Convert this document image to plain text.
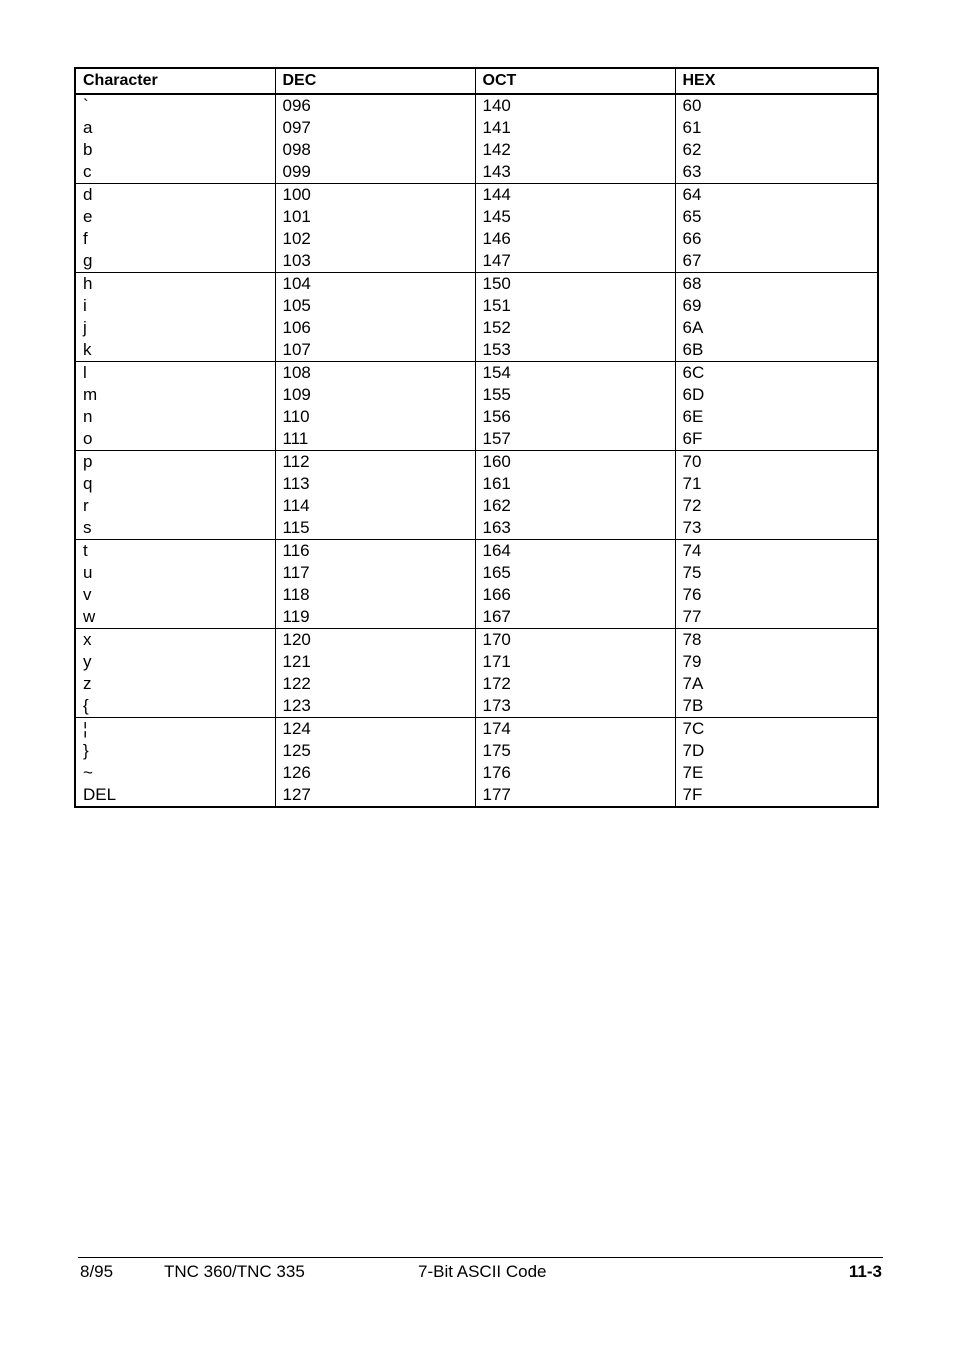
Character	DEC	OCT	HEX
`	096	140	60
a	097	141	61
b	098	142	62
c	099	143	63
d	100	144	64
e	101	145	65
f	102	146	66
g	103	147	67
h	104	150	68
i	105	151	69
j	106	152	6A
k	107	153	6B
l	108	154	6C
m	109	155	6D
n	110	156	6E
o	111	157	6F
p	112	160	70
q	113	161	71
r	114	162	72
s	115	163	73
t	116	164	74
u	117	165	75
v	118	166	76
w	119	167	77
x	120	170	78
y	121	171	79
z	122	172	7A
{	123	173	7B
¦	124	174	7C
}	125	175	7D
~	126	176	7E
DEL	127	177	7F
8/95	TNC 360/TNC 335	7-Bit ASCII Code	11-3
